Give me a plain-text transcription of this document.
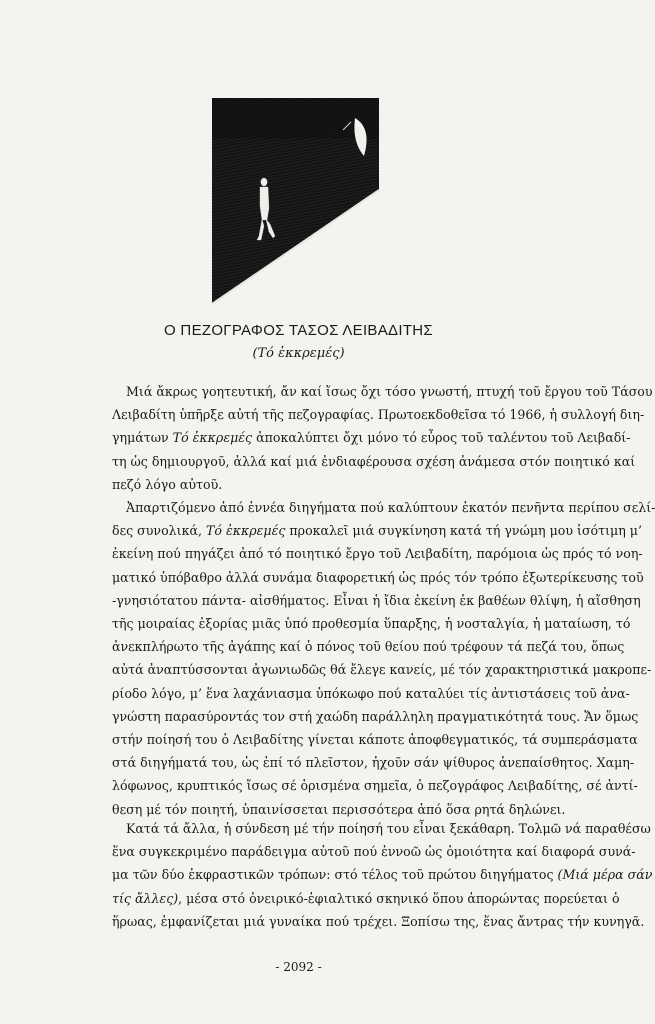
Ο ΠΕΖΟΓΡΑΦΟΣ ΤΑΣΟΣ ΛΕΙΒΑΔΙΤΗΣ
(Τό ἐκκρεμές)
Μιά ἄκρως γοητευτική, ἄν καί ἴσως ὄχι τόσο γνωστή, πτυχή τοῦ ἔργου τοῦ Τάσου
Λειβαδίτη ὑπῆρξε αὐτή τῆς πεζογραφίας. Πρωτοεκδοθεῖσα τό 1966, ἡ συλλογή διη-
γημάτων Τό ἐκκρεμές ἀποκαλύπτει ὄχι μόνο τό εὖρος τοῦ ταλέντου τοῦ Λειβαδί-
τη ὡς δημιουργοῦ, ἀλλά καί μιά ἐνδιαφέρουσα σχέση ἀνάμεσα στόν ποιητικό καί
πεζό λόγο αὐτοῦ.
Ἀπαρτιζόμενο ἀπό ἐννέα διηγήματα πού καλύπτουν ἑκατόν πενῆντα περίπου σελί-
δες συνολικά, Τό ἐκκρεμές προκαλεῖ μιά συγκίνηση κατά τή γνώμη μου ἰσότιμη μ’
ἐκείνη πού πηγάζει ἀπό τό ποιητικό ἔργο τοῦ Λειβαδίτη, παρόμοια ὡς πρός τό νοη-
ματικό ὑπόβαθρο ἀλλά συνάμα διαφορετική ὡς πρός τόν τρόπο ἐξωτερίκευσης τοῦ
-γνησιότατου πάντα- αἰσθήματος. Εἶναι ἡ ἴδια ἐκείνη ἐκ βαθέων θλίψη, ἡ αἴσθηση
τῆς μοιραίας ἐξορίας μιᾶς ὑπό προθεσμία ὕπαρξης, ἡ νοσταλγία, ἡ ματαίωση, τό
ἀνεκπλήρωτο τῆς ἀγάπης καί ὁ πόνος τοῦ θείου πού τρέφουν τά πεζά του, ὅπως
αὐτά ἀναπτύσσονται ἀγωνιωδῶς θά ἔλεγε κανείς, μέ τόν χαρακτηριστικά μακροπε-
ρίοδο λόγο, μ’ ἕνα λαχάνιασμα ὑπόκωφο πού καταλύει τίς ἀντιστάσεις τοῦ ἀνα-
γνώστη παρασύροντάς τον στή χαώδη παράλληλη πραγματικότητά τους. Ἄν ὅμως
στήν ποίησή του ὁ Λειβαδίτης γίνεται κάποτε ἀποφθεγματικός, τά συμπεράσματα
στά διηγήματά του, ὡς ἐπί τό πλεῖστον, ἠχοῦν σάν ψίθυρος ἀνεπαίσθητος. Χαμη-
λόφωνος, κρυπτικός ἴσως σέ ὁρισμένα σημεῖα, ὁ πεζογράφος Λειβαδίτης, σέ ἀντί-
θεση μέ τόν ποιητή, ὑπαινίσσεται περισσότερα ἀπό ὅσα ρητά δηλώνει.
Κατά τά ἄλλα, ἡ σύνδεση μέ τήν ποίησή του εἶναι ξεκάθαρη. Τολμῶ νά παραθέσω
ἕνα συγκεκριμένο παράδειγμα αὐτοῦ πού ἐννοῶ ὡς ὁμοιότητα καί διαφορά συνά-
μα τῶν δύο ἐκφραστικῶν τρόπων: στό τέλος τοῦ πρώτου διηγήματος (Μιά μέρα σάν
τίς ἄλλες), μέσα στό ὀνειρικό-ἐφιαλτικό σκηνικό ὅπου ἀπορώντας πορεύεται ὁ
ἥρωας, ἐμφανίζεται μιά γυναίκα πού τρέχει. Ξοπίσω της, ἕνας ἄντρας τήν κυνηγᾶ.
- 2092 -
